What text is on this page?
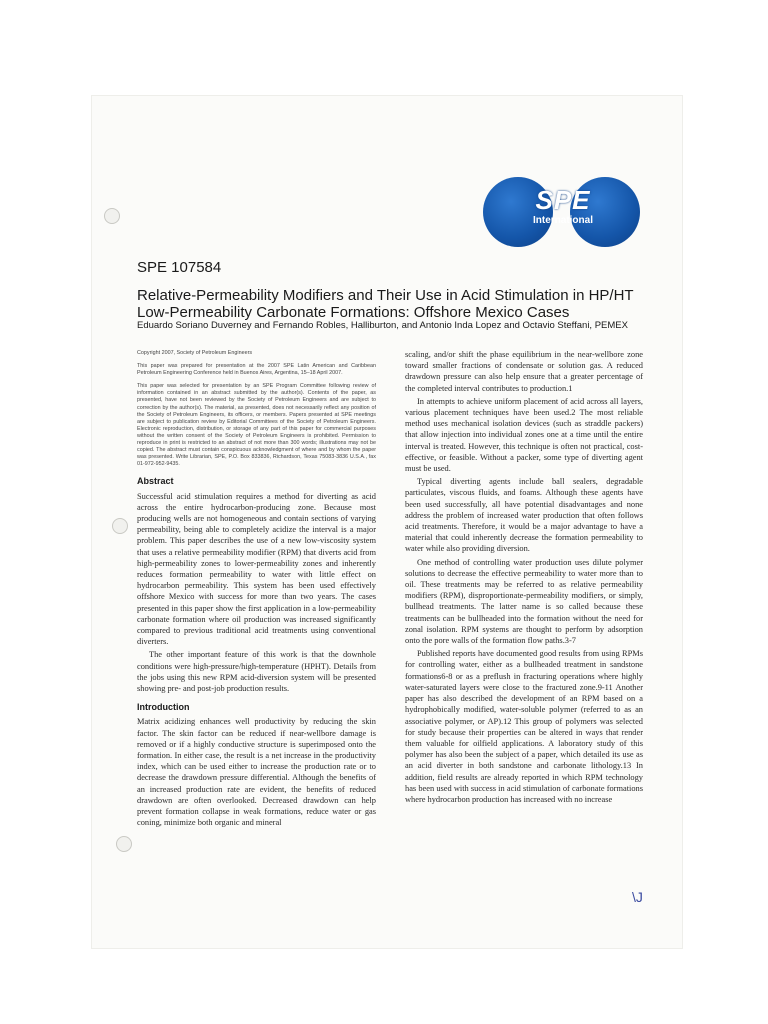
SPE
International
SPE 107584
Relative-Permeability Modifiers and Their Use in Acid Stimulation in HP/HT
Low-Permeability Carbonate Formations: Offshore Mexico Cases
Eduardo Soriano Duverney and Fernando Robles, Halliburton, and Antonio Inda Lopez and Octavio Steffani, PEMEX

Copyright 2007, Society of Petroleum Engineers

This paper was prepared for presentation at the 2007 SPE Latin American and Caribbean Petroleum Engineering Conference held in Buenos Aires, Argentina, 15–18 April 2007.

This paper was selected for presentation by an SPE Program Committee following review of information contained in an abstract submitted by the author(s). Contents of the paper, as presented, have not been reviewed by the Society of Petroleum Engineers and are subject to correction by the author(s). The material, as presented, does not necessarily reflect any position of the Society of Petroleum Engineers, its officers, or members. Papers presented at SPE meetings are subject to publication review by Editorial Committees of the Society of Petroleum Engineers. Electronic reproduction, distribution, or storage of any part of this paper for commercial purposes without the written consent of the Society of Petroleum Engineers is prohibited. Permission to reproduce in print is restricted to an abstract of not more than 300 words; illustrations may not be copied. The abstract must contain conspicuous acknowledgment of where and by whom the paper was presented. Write Librarian, SPE, P.O. Box 833836, Richardson, Texas 75083-3836 U.S.A., fax 01-972-952-9435.

Abstract

Successful acid stimulation requires a method for diverting as acid across the entire hydrocarbon-producing zone. Because most producing wells are not homogeneous and contain sections of varying permeability, being able to completely acidize the interval is a major problem. This paper describes the use of a new low-viscosity system that uses a relative permeability modifier (RPM) that diverts acid from high-permeability zones to lower-permeability zones and inherently reduces formation permeability to water with little effect on hydrocarbon permeability. This system has been used effectively offshore Mexico with success for more than two years. The cases presented in this paper show the first application in a low-permeability carbonate formation where oil production was increased significantly compared to previous traditional acid treatments using conventional diverters.

The other important feature of this work is that the downhole conditions were high-pressure/high-temperature (HPHT). Details from the jobs using this new RPM acid-diversion system will be presented showing pre- and post-job production results.

Introduction

Matrix acidizing enhances well productivity by reducing the skin factor. The skin factor can be reduced if near-wellbore damage is removed or if a highly conductive structure is superimposed onto the formation. In either case, the result is a net increase in the productivity index, which can be used either to increase the production rate or to decrease the drawdown pressure differential. Although the benefits of an increased production rate are evident, the benefits of reduced drawdown are often overlooked. Decreased drawdown can help prevent formation collapse in weak formations, reduce water or gas coning, minimize both organic and mineral

scaling, and/or shift the phase equilibrium in the near-wellbore zone toward smaller fractions of condensate or solution gas. A reduced drawdown pressure can also help ensure that a greater percentage of the completed interval contributes to production.1

In attempts to achieve uniform placement of acid across all layers, various placement techniques have been used.2 The most reliable method uses mechanical isolation devices (such as straddle packers) that allow injection into individual zones one at a time until the entire interval is treated. However, this technique is often not practical, cost-effective, or feasible. Without a packer, some type of diverting agent must be used.

Typical diverting agents include ball sealers, degradable particulates, viscous fluids, and foams. Although these agents have been used successfully, all have potential disadvantages and none address the problem of increased water production that often follows acid treatments. Therefore, it would be a major advantage to have a material that could inherently decrease the formation permeability to water while also providing diversion.

One method of controlling water production uses dilute polymer solutions to decrease the effective permeability to water more than to oil. These treatments may be referred to as relative permeability modifiers (RPM), disproportionate-permeability modifiers, or simply, bullhead treatments. The latter name is so called because these treatments can be bullheaded into the formation without the need for zonal isolation. RPM systems are thought to perform by adsorption onto the pore walls of the formation flow paths.3-7

Published reports have documented good results from using RPMs for controlling water, either as a bullheaded treatment in sandstone formations6-8 or as a preflush in fracturing operations where highly water-saturated layers were close to the fractured zone.9-11 Another paper has also described the development of an RPM based on a hydrophobically modified, water-soluble polymer (referred to as an associative polymer, or AP).12 This group of polymers was selected for study because their properties can be altered in ways that render them valuable for oilfield applications. A laboratory study of this polymer has also been the subject of a paper, which detailed its use as an acid diverter in both sandstone and carbonate lithology.13 In addition, field results are already reported in which RPM technology has been used with success in acid stimulation of carbonate formations where hydrocarbon production has increased with no increase

\J
